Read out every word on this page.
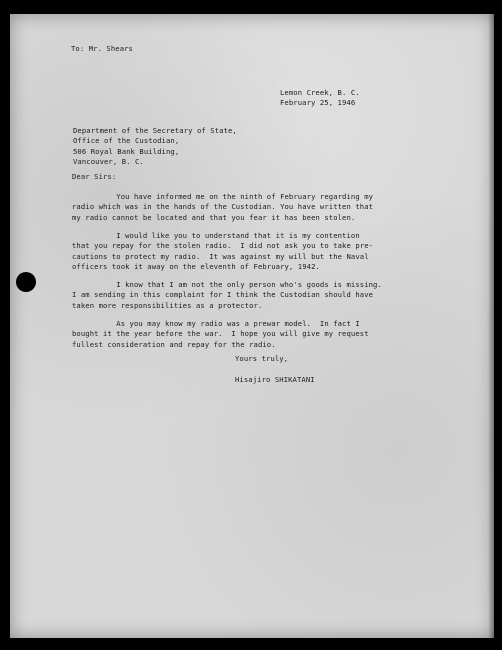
To: Mr. Shears
Lemon Creek, B. C.
February 25, 1946
Department of the Secretary of State,
Office of the Custodian,
506 Royal Bank Building,
Vancouver, B. C.
Dear Sirs:
You have informed me on the ninth of February regarding my
radio which was in the hands of the Custodian. You have written that
my radio cannot be located and that you fear it has been stolen.
I would like you to understand that it is my contention
that you repay for the stolen radio.  I did not ask you to take pre-
cautions to protect my radio.  It was against my will but the Naval
officers took it away on the eleventh of February, 1942.
I know that I am not the only person who's goods is missing.
I am sending in this complaint for I think the Custodian should have
taken more responsibilities as a protector.
As you may know my radio was a prewar model.  In fact I
bought it the year before the war.  I hope you will give my request
fullest consideration and repay for the radio.
Yours truly,
Hisajiro SHIKATANI
